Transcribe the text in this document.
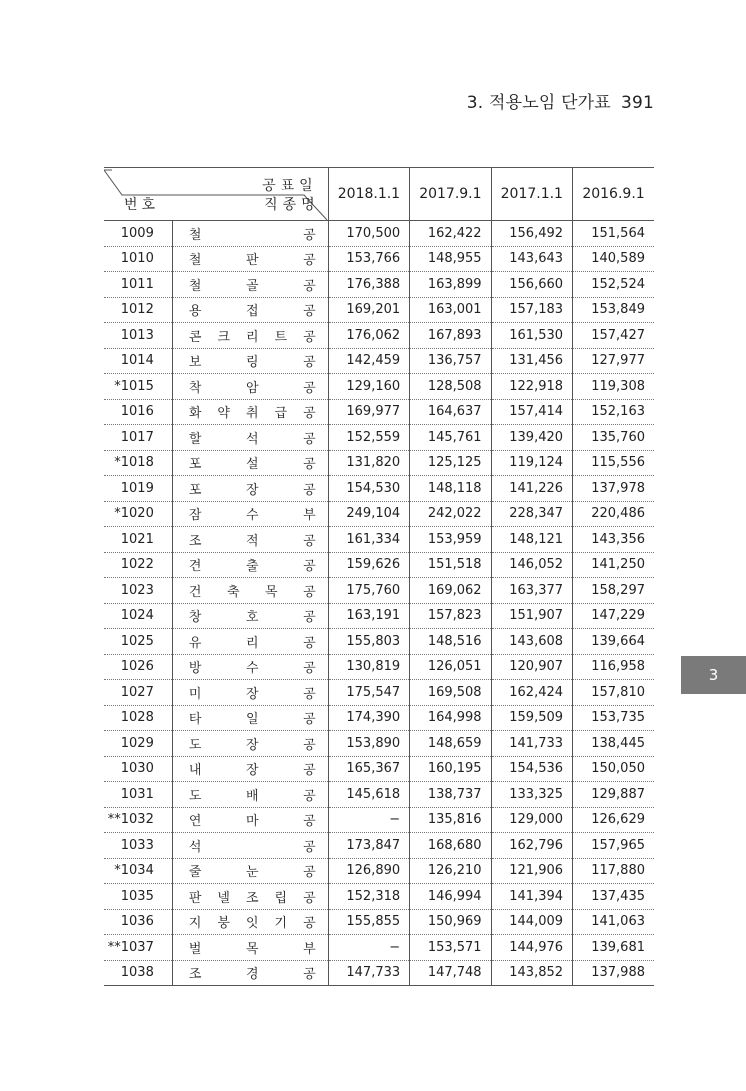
3. 적용노임 단가표 391
3
공표일
번호 직종명		2018.1.1	2017.9.1	2017.1.1	2016.9.1
1009	철 공	170,500	162,422	156,492	151,564
1010	철 판 공	153,766	148,955	143,643	140,589
1011	철 골 공	176,388	163,899	156,660	152,524
1012	용 접 공	169,201	163,001	157,183	153,849
1013	콘 크 리 트 공	176,062	167,893	161,530	157,427
1014	보 링 공	142,459	136,757	131,456	127,977
*1015	착 암 공	129,160	128,508	122,918	119,308
1016	화 약 취 급 공	169,977	164,637	157,414	152,163
1017	할 석 공	152,559	145,761	139,420	135,760
*1018	포 설 공	131,820	125,125	119,124	115,556
1019	포 장 공	154,530	148,118	141,226	137,978
*1020	잠 수 부	249,104	242,022	228,347	220,486
1021	조 적 공	161,334	153,959	148,121	143,356
1022	견 출 공	159,626	151,518	146,052	141,250
1023	건 축 목 공	175,760	169,062	163,377	158,297
1024	창 호 공	163,191	157,823	151,907	147,229
1025	유 리 공	155,803	148,516	143,608	139,664
1026	방 수 공	130,819	126,051	120,907	116,958
1027	미 장 공	175,547	169,508	162,424	157,810
1028	타 일 공	174,390	164,998	159,509	153,735
1029	도 장 공	153,890	148,659	141,733	138,445
1030	내 장 공	165,367	160,195	154,536	150,050
1031	도 배 공	145,618	138,737	133,325	129,887
**1032	연 마 공	−	135,816	129,000	126,629
1033	석 공	173,847	168,680	162,796	157,965
*1034	줄 눈 공	126,890	126,210	121,906	117,880
1035	판 넬 조 립 공	152,318	146,994	141,394	137,435
1036	지 붕 잇 기 공	155,855	150,969	144,009	141,063
**1037	벌 목 부	−	153,571	144,976	139,681
1038	조 경 공	147,733	147,748	143,852	137,988
